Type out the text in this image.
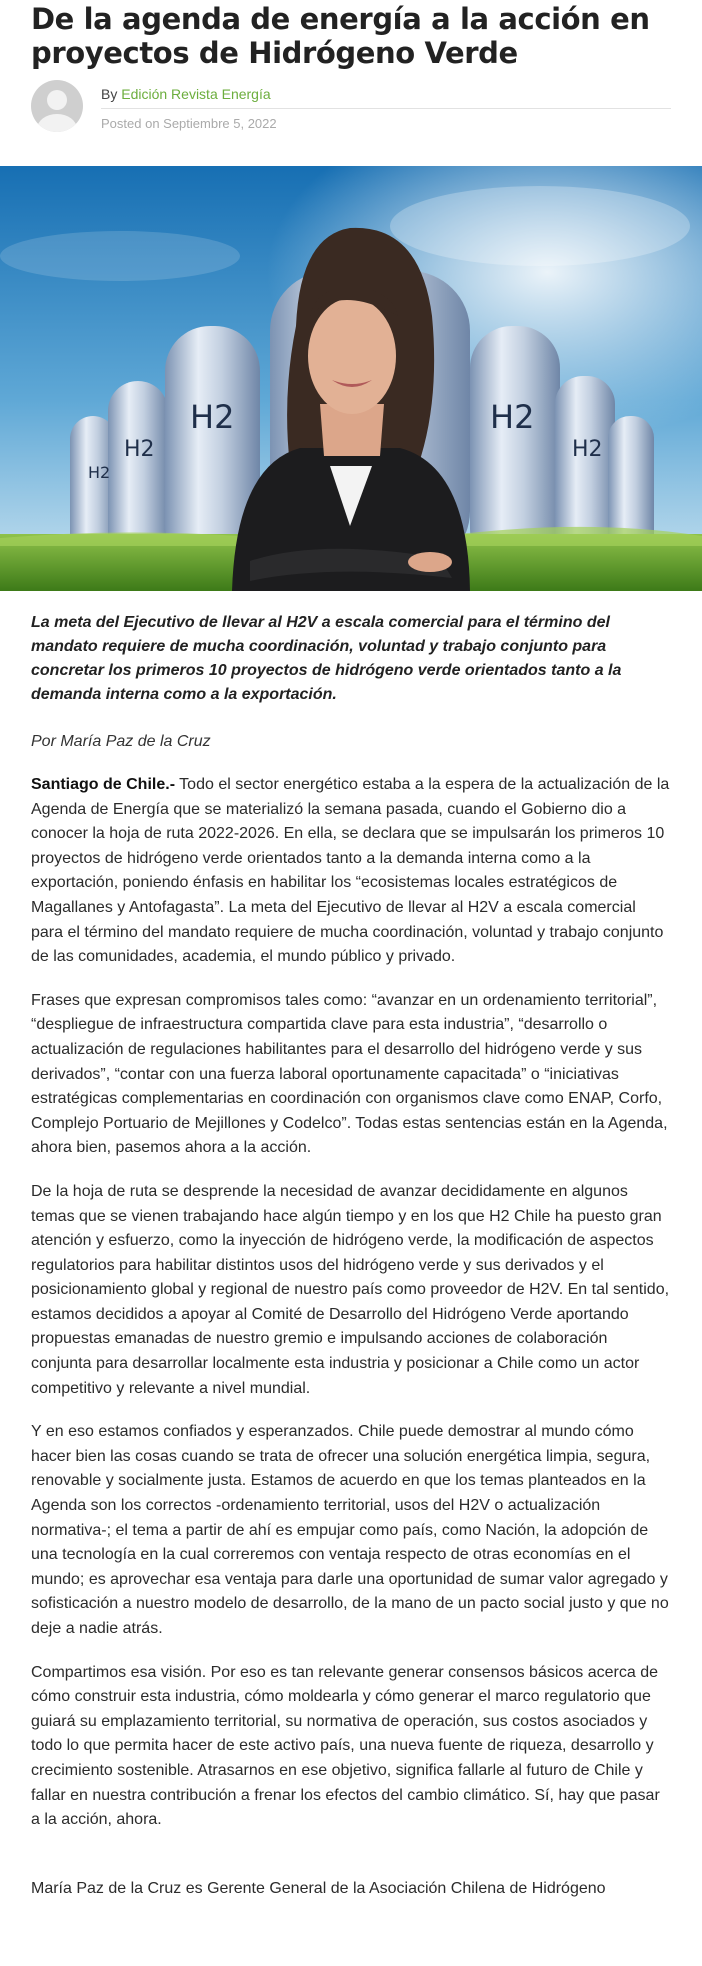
De la agenda de energía a la acción en proyectos de Hidrógeno Verde
By Edición Revista Energía
Posted on Septiembre 5, 2022
H2
H2
H2	H2
H2

La meta del Ejecutivo de llevar al H2V a escala comercial para el término del mandato requiere de mucha coordinación, voluntad y trabajo conjunto para concretar los primeros 10 proyectos de hidrógeno verde orientados tanto a la demanda interna como a la exportación.

Por María Paz de la Cruz

Santiago de Chile.- Todo el sector energético estaba a la espera de la actualización de la Agenda de Energía que se materializó la semana pasada, cuando el Gobierno dio a conocer la hoja de ruta 2022-2026. En ella, se declara que se impulsarán los primeros 10 proyectos de hidrógeno verde orientados tanto a la demanda interna como a la exportación, poniendo énfasis en habilitar los “ecosistemas locales estratégicos de Magallanes y Antofagasta”. La meta del Ejecutivo de llevar al H2V a escala comercial para el término del mandato requiere de mucha coordinación, voluntad y trabajo conjunto de las comunidades, academia, el mundo público y privado.

Frases que expresan compromisos tales como: “avanzar en un ordenamiento territorial”, “despliegue de infraestructura compartida clave para esta industria”, “desarrollo o actualización de regulaciones habilitantes para el desarrollo del hidrógeno verde y sus derivados”, “contar con una fuerza laboral oportunamente capacitada” o “iniciativas estratégicas complementarias en coordinación con organismos clave como ENAP, Corfo, Complejo Portuario de Mejillones y Codelco”. Todas estas sentencias están en la Agenda, ahora bien, pasemos ahora a la acción.

De la hoja de ruta se desprende la necesidad de avanzar decididamente en algunos temas que se vienen trabajando hace algún tiempo y en los que H2 Chile ha puesto gran atención y esfuerzo, como la inyección de hidrógeno verde, la modificación de aspectos regulatorios para habilitar distintos usos del hidrógeno verde y sus derivados y el posicionamiento global y regional de nuestro país como proveedor de H2V. En tal sentido, estamos decididos a apoyar al Comité de Desarrollo del Hidrógeno Verde aportando propuestas emanadas de nuestro gremio e impulsando acciones de colaboración conjunta para desarrollar localmente esta industria y posicionar a Chile como un actor competitivo y relevante a nivel mundial.

Y en eso estamos confiados y esperanzados. Chile puede demostrar al mundo cómo hacer bien las cosas cuando se trata de ofrecer una solución energética limpia, segura, renovable y socialmente justa. Estamos de acuerdo en que los temas planteados en la Agenda son los correctos -ordenamiento territorial, usos del H2V o actualización normativa-; el tema a partir de ahí es empujar como país, como Nación, la adopción de una tecnología en la cual correremos con ventaja respecto de otras economías en el mundo; es aprovechar esa ventaja para darle una oportunidad de sumar valor agregado y sofisticación a nuestro modelo de desarrollo, de la mano de un pacto social justo y que no deje a nadie atrás.

Compartimos esa visión. Por eso es tan relevante generar consensos básicos acerca de cómo construir esta industria, cómo moldearla y cómo generar el marco regulatorio que guiará su emplazamiento territorial, su normativa de operación, sus costos asociados y todo lo que permita hacer de este activo país, una nueva fuente de riqueza, desarrollo y crecimiento sostenible. Atrasarnos en ese objetivo, significa fallarle al futuro de Chile y fallar en nuestra contribución a frenar los efectos del cambio climático. Sí, hay que pasar a la acción, ahora.

María Paz de la Cruz es Gerente General de la Asociación Chilena de Hidrógeno
